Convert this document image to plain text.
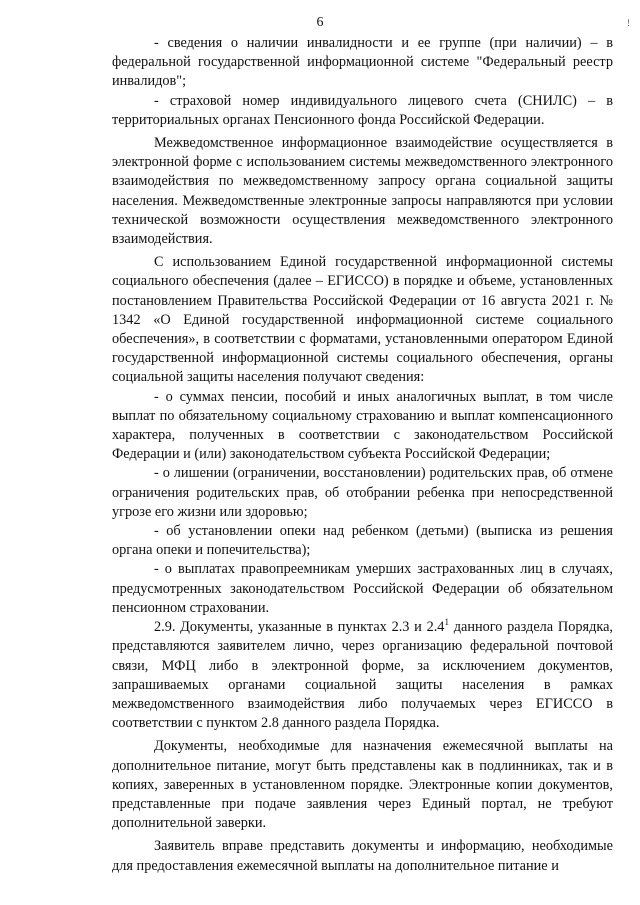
6	!

- сведения о наличии инвалидности и ее группе (при наличии) – в федеральной государственной информационной системе "Федеральный реестр инвалидов";

- страховой номер индивидуального лицевого счета (СНИЛС) – в территориальных органах Пенсионного фонда Российской Федерации.

Межведомственное информационное взаимодействие осуществляется в электронной форме с использованием системы межведомственного электронного взаимодействия по межведомственному запросу органа социальной защиты населения. Межведомственные электронные запросы направляются при условии технической возможности осуществления межведомственного электронного взаимодействия.

С использованием Единой государственной информационной системы социального обеспечения (далее – ЕГИССО) в порядке и объеме, установленных постановлением Правительства Российской Федерации от 16 августа 2021 г. № 1342 «О Единой государственной информационной системе социального обеспечения», в соответствии с форматами, установленными оператором Единой государственной информационной системы социального обеспечения, органы социальной защиты населения получают сведения:

- о суммах пенсии, пособий и иных аналогичных выплат, в том числе выплат по обязательному социальному страхованию и выплат компенсационного характера, полученных в соответствии с законодательством Российской Федерации и (или) законодательством субъекта Российской Федерации;

- о лишении (ограничении, восстановлении) родительских прав, об отмене ограничения родительских прав, об отобрании ребенка при непосредственной угрозе его жизни или здоровью;

- об установлении опеки над ребенком (детьми) (выписка из решения органа опеки и попечительства);

- о выплатах правопреемникам умерших застрахованных лиц в случаях, предусмотренных законодательством Российской Федерации об обязательном пенсионном страховании.

2.9. Документы, указанные в пунктах 2.3 и $2.4^1$ данного раздела Порядка, представляются заявителем лично, через организацию федеральной почтовой связи, МФЦ либо в электронной форме, за исключением документов, запрашиваемых органами социальной защиты населения в рамках межведомственного взаимодействия либо получаемых через ЕГИССО в соответствии с пунктом 2.8 данного раздела Порядка.

Документы, необходимые для назначения ежемесячной выплаты на дополнительное питание, могут быть представлены как в подлинниках, так и в копиях, заверенных в установленном порядке. Электронные копии документов, представленные при подаче заявления через Единый портал, не требуют дополнительной заверки.

Заявитель вправе представить документы и информацию, необходимые для предоставления ежемесячной выплаты на дополнительное питание и
